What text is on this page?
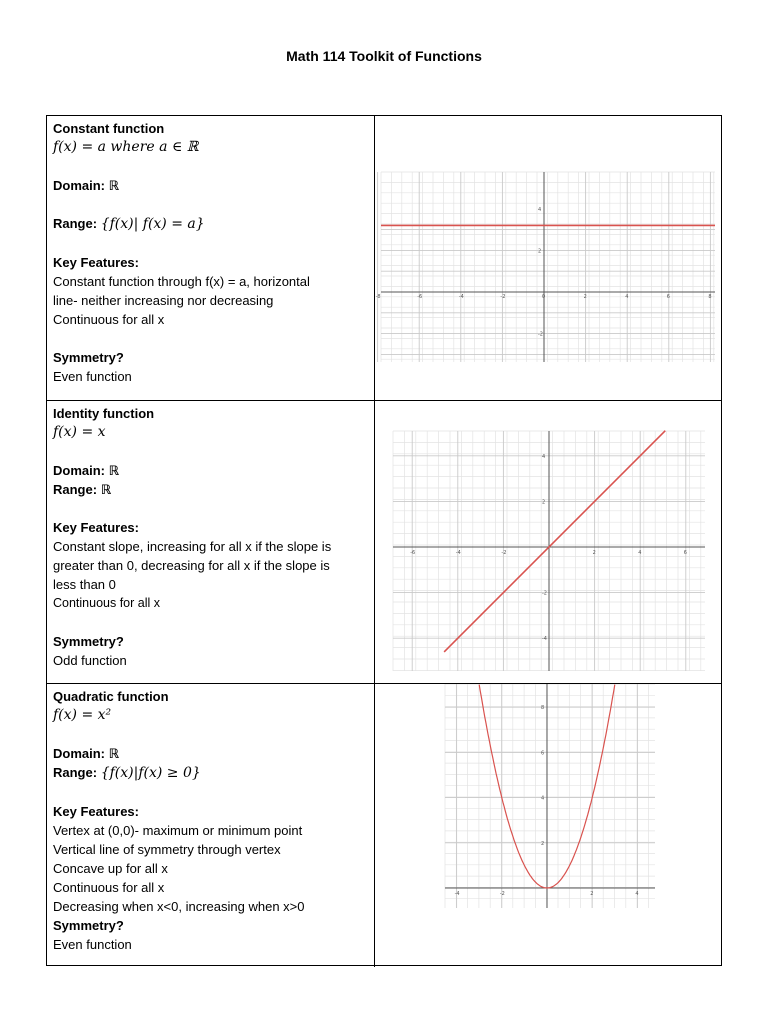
Math 114 Toolkit of Functions
Constant function
f(x) = a where a ∈ ℝ
Domain: ℝ
Range: {f(x)| f(x) = a}
Key Features:
Constant function through f(x) = a, horizontal
line- neither increasing nor decreasing
Continuous for all x
Symmetry?
Even function
-8	-6	-4	-2	0	2	4	6	8
4
2
-2
Identity function
f(x) = x
Domain: ℝ
Range: ℝ
Key Features:
Constant slope, increasing for all x if the slope is
greater than 0, decreasing for all x if the slope is
less than 0
Continuous for all x
Symmetry?
Odd function
-6	-4	-2	2	4	6
4
2
-2
-4
Quadratic function
f(x) = x²
Domain: ℝ
Range: {f(x)|f(x) ≥ 0}
Key Features:
Vertex at (0,0)- maximum or minimum point
Vertical line of symmetry through vertex
Concave up for all x
Continuous for all x
Decreasing when x<0, increasing when x>0
Symmetry?
Even function
-4	-2	2	4
8
6
4
2
